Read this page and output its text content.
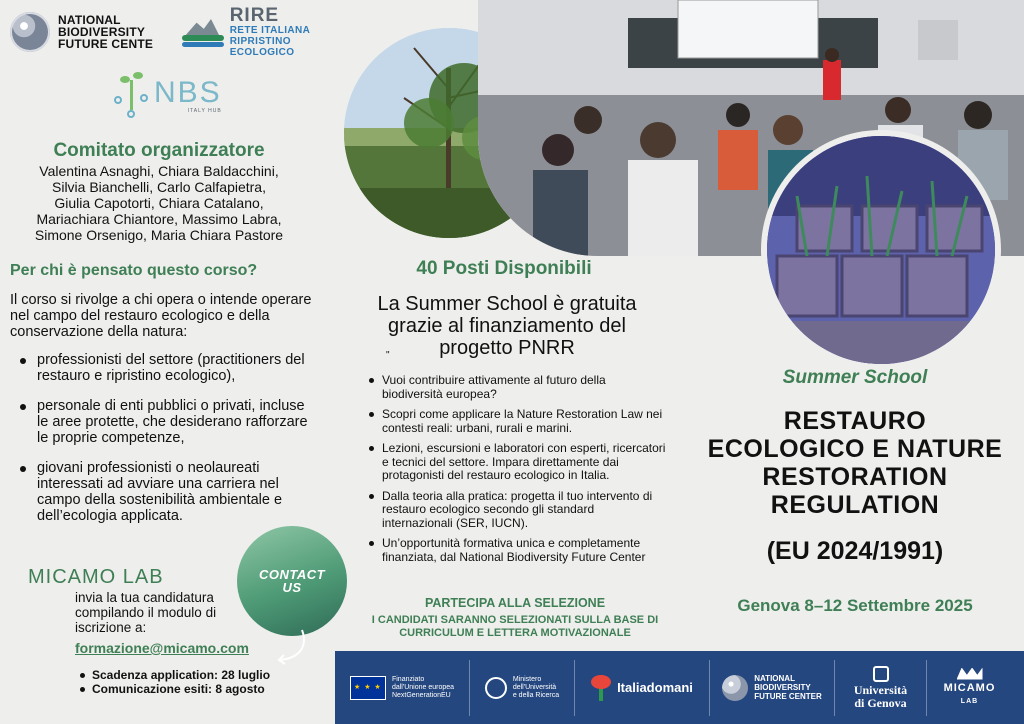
NATIONAL
BIODIVERSITY
FUTURE CENTE
RIRE
RETE ITALIANA
RIPRISTINO ECOLOGICO
NBS
ITALY HUB
Comitato organizzatore
Valentina Asnaghi, Chiara Baldacchini,
Silvia Bianchelli, Carlo Calfapietra,
Giulia Capotorti, Chiara Catalano,
Mariachiara Chiantore, Massimo Labra,
Simone Orsenigo, Maria Chiara Pastore
Per chi è pensato questo corso?
Il corso si rivolge a chi opera o intende operare nel campo del restauro ecologico e della conservazione della natura:
professionisti del settore (practitioners del restauro e ripristino ecologico),
personale di enti pubblici o privati, incluse le aree protette, che desiderano rafforzare le proprie competenze,
giovani professionisti o neolaureati interessati ad avviare una carriera nel campo della sostenibilità ambientale e dell’ecologia applicata.
MICAMO LAB
invia la tua candidatura compilando il modulo di iscrizione a:
formazione@micamo.com
Scadenza application: 28 luglio
Comunicazione esiti: 8 agosto
CONTACT
US
40 Posti Disponibili
La Summer School è gratuita
grazie al finanziamento del
progetto PNRR
"
Vuoi contribuire attivamente al futuro della biodiversità europea?
Scopri come applicare la Nature Restoration Law nei contesti reali: urbani, rurali e marini.
Lezioni, escursioni e laboratori con esperti, ricercatori e tecnici del settore. Impara direttamente dai protagonisti del restauro ecologico in Italia.
Dalla teoria alla pratica: progetta il tuo intervento di restauro ecologico secondo gli standard internazionali (SER, IUCN).
Un’opportunità formativa unica e completamente finanziata, dal National Biodiversity Future Center
PARTECIPA ALLA SELEZIONE
I CANDIDATI SARANNO SELEZIONATI SULLA BASE DI
CURRICULUM E LETTERA MOTIVAZIONALE
Summer School
RESTAURO
ECOLOGICO E NATURE
RESTORATION
REGULATION
(EU 2024/1991)
Genova 8–12 Settembre 2025
★ ★ ★
Finanziato
dall'Unione europea
NextGenerationEU
Ministero
dell'Università
e della Ricerca	Italiadomani
NATIONAL
BIODIVERSITY
FUTURE CENTER	Università
di Genova
MICAMO
LAB
